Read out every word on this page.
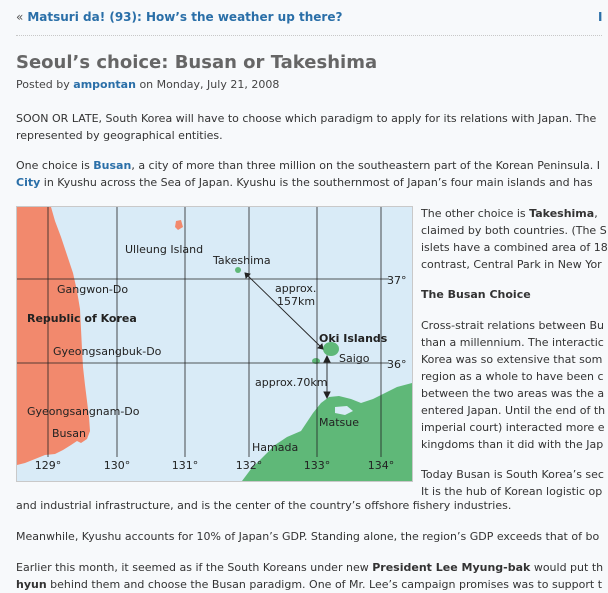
« Matsuri da! (93): How’s the weather up there?	I
Seoul’s choice: Busan or Takeshima
Posted by ampontan on Monday, July 21, 2008
SOON OR LATE, South Korea will have to choose which paradigm to apply for its relations with Japan. The
represented by geographical entities.
One choice is Busan, a city of more than three million on the southeastern part of the Korean Peninsula. I
City in Kyushu across the Sea of Japan. Kyushu is the southernmost of Japan’s four main islands and has
Ulleung Island
Takeshima
Gangwon-Do
Republic of Korea
Gyeongsangbuk-Do
Gyeongsangnam-Do
Busan
approx.
157km
Oki Islands
Saigo
approx.70km
Matsue
Hamada
37°
36°
129°	130°	131°	132°	133°	134°
The other choice is Takeshima,
claimed by both countries. (The S
islets have a combined area of 18
contrast, Central Park in New Yor
The Busan Choice
Cross-strait relations between Bu
than a millennium. The interactic
Korea was so extensive that som
region as a whole to have been c
between the two areas was the a
entered Japan. Until the end of th
imperial court) interacted more e
kingdoms than it did with the Jap
Today Busan is South Korea’s sec
It is the hub of Korean logistic op
and industrial infrastructure, and is the center of the country’s offshore fishery industries.
Meanwhile, Kyushu accounts for 10% of Japan’s GDP. Standing alone, the region’s GDP exceeds that of bo
Earlier this month, it seemed as if the South Koreans under new President Lee Myung-bak would put th
hyun behind them and choose the Busan paradigm. One of Mr. Lee’s campaign promises was to support t
